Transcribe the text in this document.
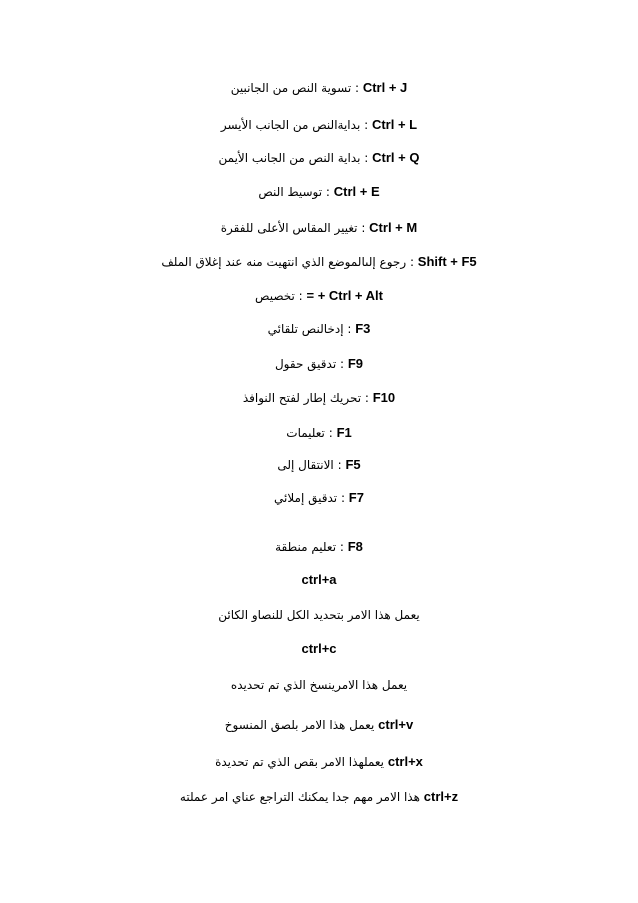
Ctrl + J : تسوية النص من الجانبين
Ctrl + L : بدايةالنص من الجانب الأيسر
Ctrl + Q : بداية النص من الجانب الأيمن
Ctrl + E : توسيط النص
Ctrl + M : تغيير المقاس الأعلى للفقرة
Shift + F5 : رجوع إلىالموضع الذي انتهيت منه عند إغلاق الملف
= + Ctrl + Alt : تخصيص
F3 : إدخالنص تلقائي
F9 : تدقيق حقول
F10 : تحريك إطار لفتح النوافذ
F1 : تعليمات
F5 : الانتقال إلى
F7 : تدقيق إملائي
F8 : تعليم منطقة
ctrl+a
يعمل هذا الامر بتحديد الكل للنصاو الكائن
ctrl+c
يعمل هذا الامرينسخ الذي تم تحديده
ctrl+v يعمل هذا الامر بلصق المنسوخ
ctrl+x يعملهذا الامر بقص الذي تم تحديدة
ctrl+z هذا الامر مهم جدا يمكنك التراجع عناي امر عملته
